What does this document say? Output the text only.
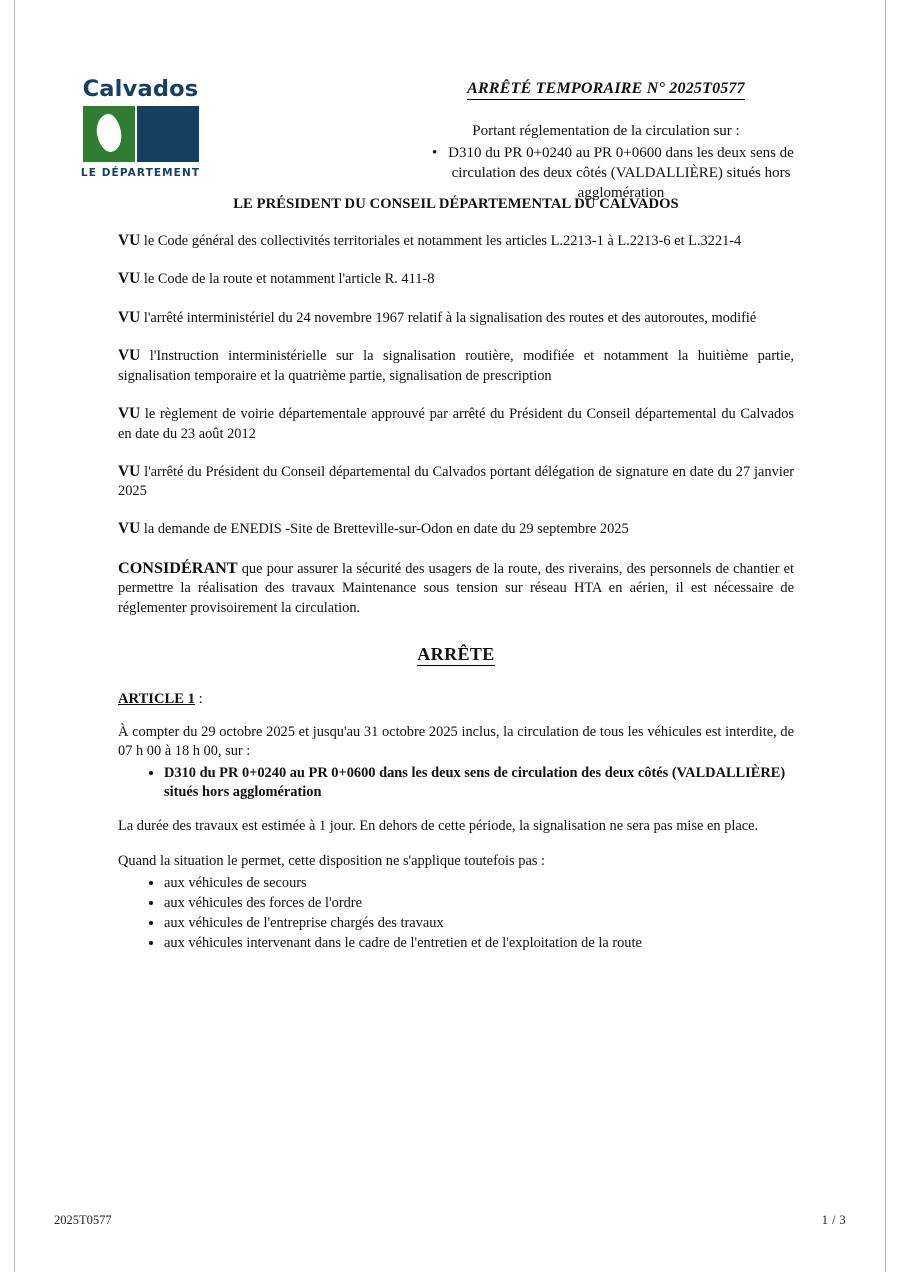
Calvados
LE DÉPARTEMENT
ARRÊTÉ TEMPORAIRE N° 2025T0577
Portant réglementation de la circulation sur :
• D310 du PR 0+0240 au PR 0+0600 dans les deux sens de circulation des deux côtés (VALDALLIÈRE) situés hors agglomération
LE PRÉSIDENT DU CONSEIL DÉPARTEMENTAL DU CALVADOS
VU le Code général des collectivités territoriales et notamment les articles L.2213-1 à L.2213-6 et L.3221-4
VU le Code de la route et notamment l'article R. 411-8
VU l'arrêté interministériel du 24 novembre 1967 relatif à la signalisation des routes et des autoroutes, modifié
VU l'Instruction interministérielle sur la signalisation routière, modifiée et notamment la huitième partie, signalisation temporaire et la quatrième partie, signalisation de prescription
VU le règlement de voirie départementale approuvé par arrêté du Président du Conseil départemental du Calvados en date du 23 août 2012
VU l'arrêté du Président du Conseil départemental du Calvados portant délégation de signature en date du 27 janvier 2025
VU la demande de ENEDIS -Site de Bretteville-sur-Odon en date du 29 septembre 2025
CONSIDÉRANT que pour assurer la sécurité des usagers de la route, des riverains, des personnels de chantier et permettre la réalisation des travaux Maintenance sous tension sur réseau HTA en aérien, il est nécessaire de réglementer provisoirement la circulation.
ARRÊTE
ARTICLE 1 :
À compter du 29 octobre 2025 et jusqu'au 31 octobre 2025 inclus, la circulation de tous les véhicules est interdite, de 07 h 00 à 18 h 00, sur :
• D310 du PR 0+0240 au PR 0+0600 dans les deux sens de circulation des deux côtés (VALDALLIÈRE) situés hors agglomération
La durée des travaux est estimée à 1 jour. En dehors de cette période, la signalisation ne sera pas mise en place.
Quand la situation le permet, cette disposition ne s'applique toutefois pas :
• aux véhicules de secours
• aux véhicules des forces de l'ordre
• aux véhicules de l'entreprise chargés des travaux
• aux véhicules intervenant dans le cadre de l'entretien et de l'exploitation de la route
2025T0577	1 / 3
